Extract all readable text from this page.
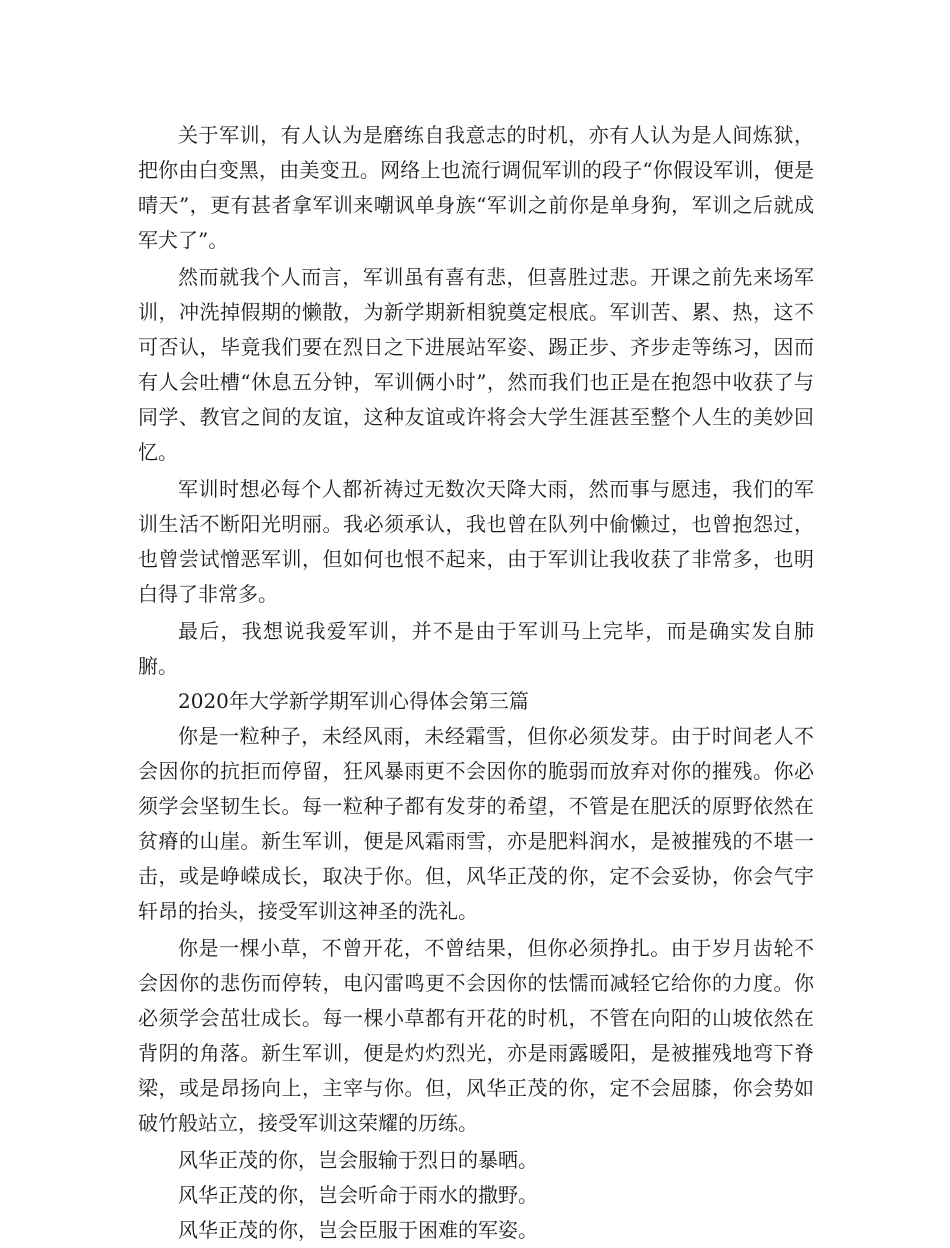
关于军训，有人认为是磨练自我意志的时机，亦有人认为是人间炼狱，把你由白变黑，由美变丑。网络上也流行调侃军训的段子“你假设军训，便是晴天”，更有甚者拿军训来嘲讽单身族“军训之前你是单身狗，军训之后就成军犬了”。

然而就我个人而言，军训虽有喜有悲，但喜胜过悲。开课之前先来场军训，冲洗掉假期的懒散，为新学期新相貌奠定根底。军训苦、累、热，这不可否认，毕竟我们要在烈日之下进展站军姿、踢正步、齐步走等练习，因而有人会吐槽“休息五分钟，军训俩小时”，然而我们也正是在抱怨中收获了与同学、教官之间的友谊，这种友谊或许将会大学生涯甚至整个人生的美妙回忆。

军训时想必每个人都祈祷过无数次天降大雨，然而事与愿违，我们的军训生活不断阳光明丽。我必须承认，我也曾在队列中偷懒过，也曾抱怨过，也曾尝试憎恶军训，但如何也恨不起来，由于军训让我收获了非常多，也明白得了非常多。

最后，我想说我爱军训，并不是由于军训马上完毕，而是确实发自肺腑。

2020年大学新学期军训心得体会第三篇

你是一粒种子，未经风雨，未经霜雪，但你必须发芽。由于时间老人不会因你的抗拒而停留，狂风暴雨更不会因你的脆弱而放弃对你的摧残。你必须学会坚韧生长。每一粒种子都有发芽的希望，不管是在肥沃的原野依然在贫瘠的山崖。新生军训，便是风霜雨雪，亦是肥料润水，是被摧残的不堪一击，或是峥嵘成长，取决于你。但，风华正茂的你，定不会妥协，你会气宇轩昂的抬头，接受军训这神圣的洗礼。

你是一棵小草，不曾开花，不曾结果，但你必须挣扎。由于岁月齿轮不会因你的悲伤而停转，电闪雷鸣更不会因你的怯懦而减轻它给你的力度。你必须学会茁壮成长。每一棵小草都有开花的时机，不管在向阳的山坡依然在背阴的角落。新生军训，便是灼灼烈光，亦是雨露暖阳，是被摧残地弯下脊梁，或是昂扬向上，主宰与你。但，风华正茂的你，定不会屈膝，你会势如破竹般站立，接受军训这荣耀的历练。

风华正茂的你，岂会服输于烈日的暴晒。

风华正茂的你，岂会听命于雨水的撒野。

风华正茂的你，岂会臣服于困难的军姿。
